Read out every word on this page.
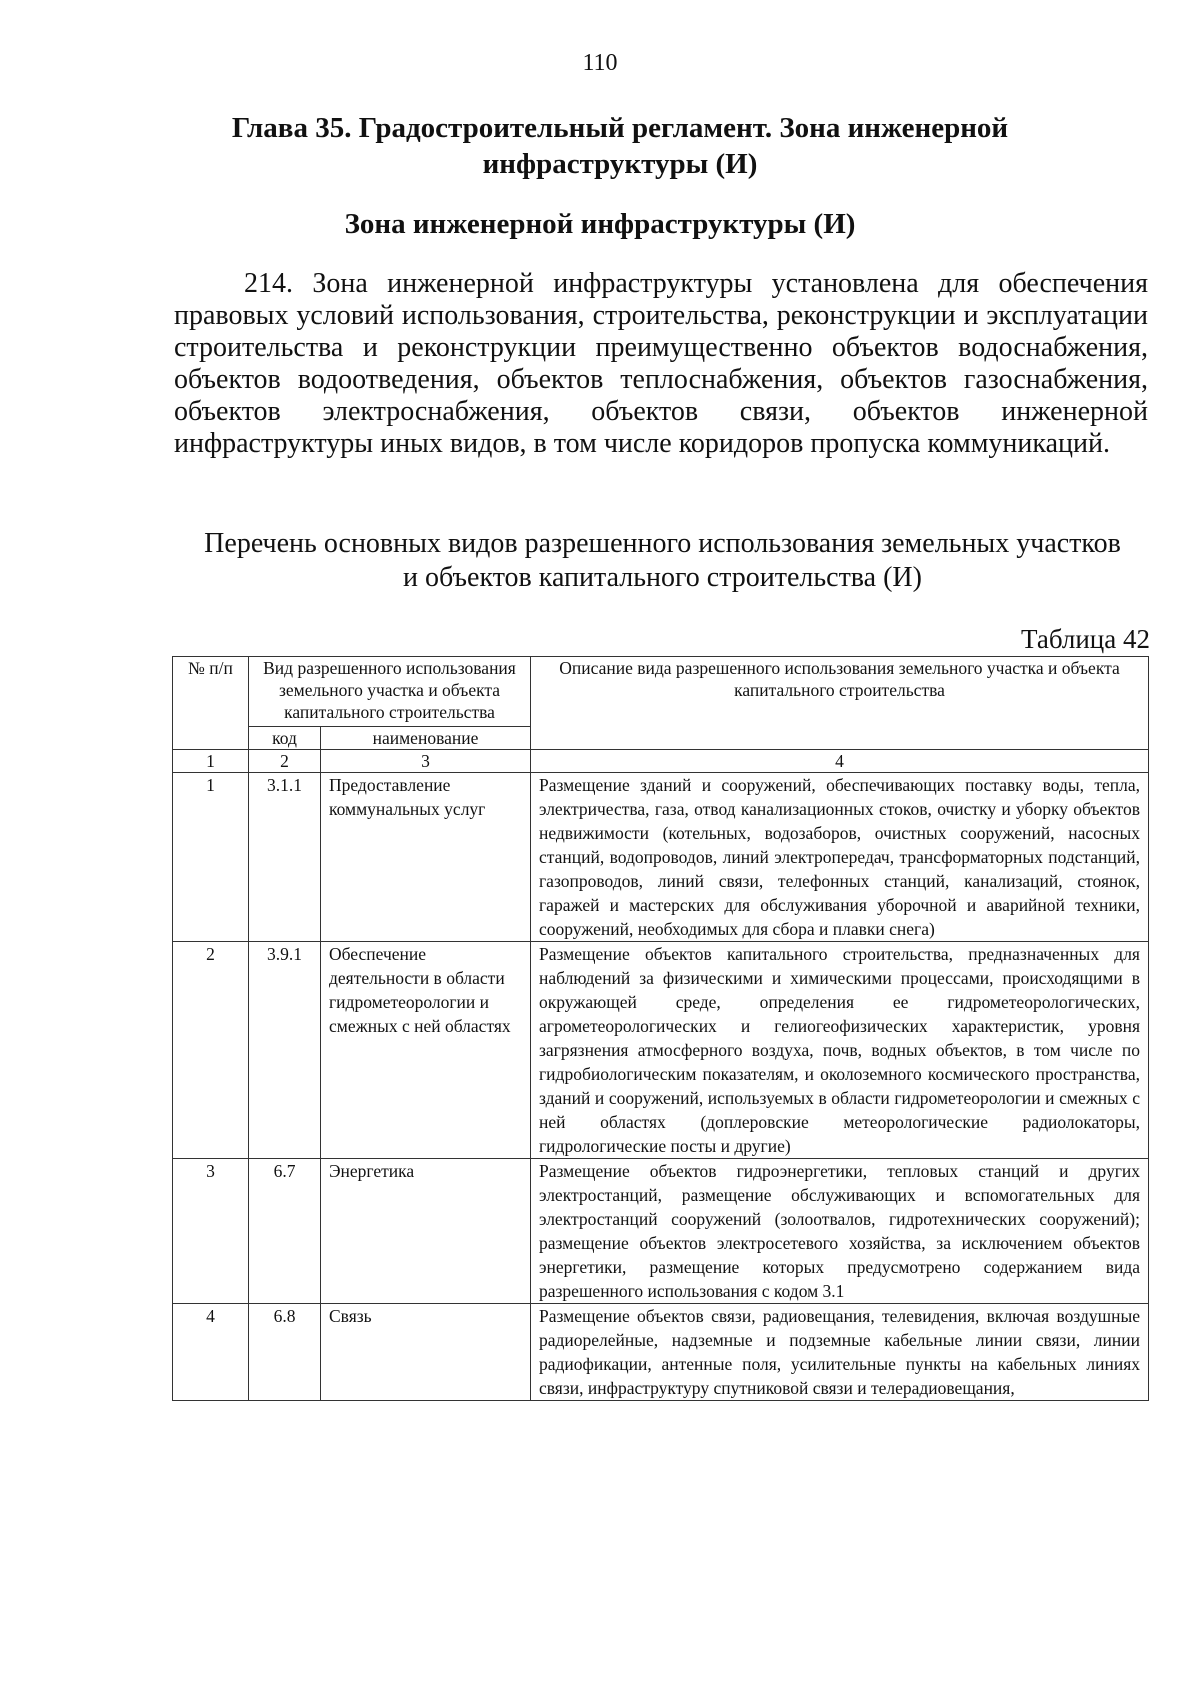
110
Глава 35. Градостроительный регламент. Зона инженерной инфраструктуры (И)
Зона инженерной инфраструктуры (И)

214. Зона инженерной инфраструктуры установлена для обеспечения правовых условий использования, строительства, реконструкции и эксплуатации строительства и реконструкции преимущественно объектов водоснабжения, объектов водоотведения, объектов теплоснабжения, объектов газоснабжения, объектов электроснабжения, объектов связи, объектов инженерной инфраструктуры иных видов, в том числе коридоров пропуска коммуникаций.

Перечень основных видов разрешенного использования земельных участков
и объектов капитального строительства (И)
Таблица 42
№ п/п	Вид разрешенного использования земельного участка и объекта капитального строительства		Описание вида разрешенного использования земельного участка и объекта капитального строительства
	код	наименование	
1	2	3	4
1	3.1.1	Предоставление коммунальных услуг	Размещение зданий и сооружений, обеспечивающих поставку воды, тепла, электричества, газа, отвод канализационных стоков, очистку и уборку объектов недвижимости (котельных, водозаборов, очистных сооружений, насосных станций, водопроводов, линий электропередач, трансформаторных подстанций, газопроводов, линий связи, телефонных станций, канализаций, стоянок, гаражей и мастерских для обслуживания уборочной и аварийной техники, сооружений, необходимых для сбора и плавки снега)
2	3.9.1	Обеспечение деятельности в области гидрометеорологии и смежных с ней областях	Размещение объектов капитального строительства, предназначенных для наблюдений за физическими и химическими процессами, происходящими в окружающей среде, определения ее гидрометеорологических, агрометеорологических и гелиогеофизических характеристик, уровня загрязнения атмосферного воздуха, почв, водных объектов, в том числе по гидробиологическим показателям, и околоземного космического пространства, зданий и сооружений, используемых в области гидрометеорологии и смежных с ней областях (доплеровские метеорологические радиолокаторы, гидрологические посты и другие)
3	6.7	Энергетика	Размещение объектов гидроэнергетики, тепловых станций и других электростанций, размещение обслуживающих и вспомогательных для электростанций сооружений (золоотвалов, гидротехнических сооружений); размещение объектов электросетевого хозяйства, за исключением объектов энергетики, размещение которых предусмотрено содержанием вида разрешенного использования с кодом 3.1
4	6.8	Связь	Размещение объектов связи, радиовещания, телевидения, включая воздушные радиорелейные, надземные и подземные кабельные линии связи, линии радиофикации, антенные поля, усилительные пункты на кабельных линиях связи, инфраструктуру спутниковой связи и телерадиовещания,
